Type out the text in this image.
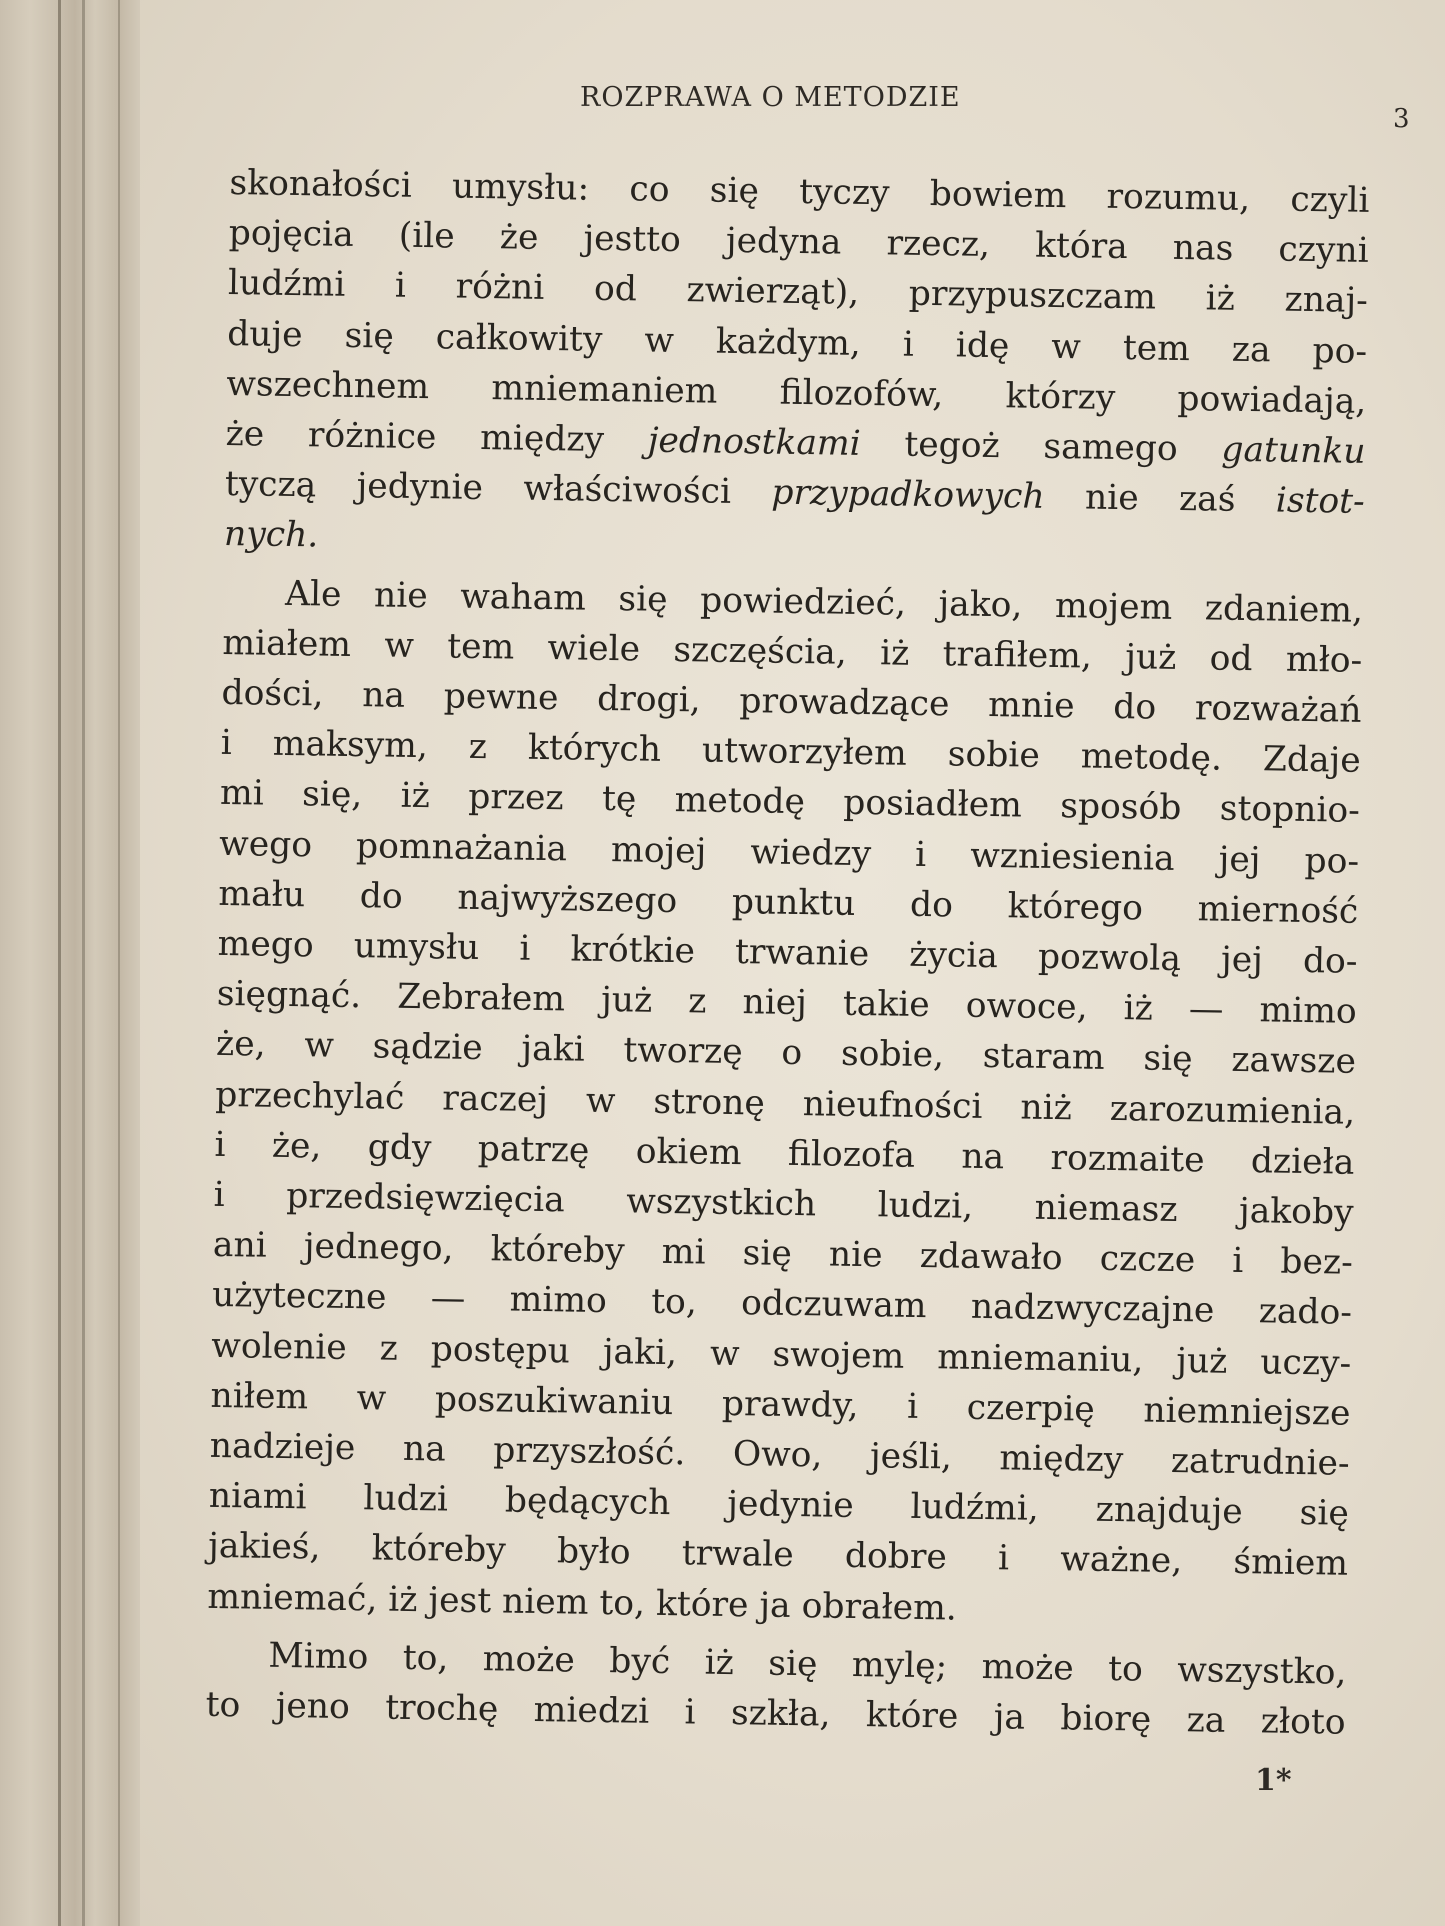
ROZPRAWA O METODZIE
3
skonałości umysłu: co się tyczy bowiem rozumu, czyli
pojęcia (ile że jestto jedyna rzecz, która nas czyni
ludźmi i różni od zwierząt), przypuszczam iż znaj-
duje się całkowity w każdym, i idę w tem za po-
wszechnem mniemaniem filozofów, którzy powiadają,
że różnice między jednostkami tegoż samego gatunku
tyczą jedynie właściwości przypadkowych nie zaś istot-
nych.
Ale nie waham się powiedzieć, jako, mojem zdaniem,
miałem w tem wiele szczęścia, iż trafiłem, już od mło-
dości, na pewne drogi, prowadzące mnie do rozważań
i maksym, z których utworzyłem sobie metodę. Zdaje
mi się, iż przez tę metodę posiadłem sposób stopnio-
wego pomnażania mojej wiedzy i wzniesienia jej po-
mału do najwyższego punktu do którego mierność
mego umysłu i krótkie trwanie życia pozwolą jej do-
sięgnąć. Zebrałem już z niej takie owoce, iż — mimo
że, w sądzie jaki tworzę o sobie, staram się zawsze
przechylać raczej w stronę nieufności niż zarozumienia,
i że, gdy patrzę okiem filozofa na rozmaite dzieła
i przedsięwzięcia wszystkich ludzi, niemasz jakoby
ani jednego, któreby mi się nie zdawało czcze i bez-
użyteczne — mimo to, odczuwam nadzwyczajne zado-
wolenie z postępu jaki, w swojem mniemaniu, już uczy-
niłem w poszukiwaniu prawdy, i czerpię niemniejsze
nadzieje na przyszłość. Owo, jeśli, między zatrudnie-
niami ludzi będących jedynie ludźmi, znajduje się
jakieś, któreby było trwale dobre i ważne, śmiem
mniemać, iż jest niem to, które ja obrałem.
Mimo to, może być iż się mylę; może to wszystko,
to jeno trochę miedzi i szkła, które ja biorę za złoto
1*
